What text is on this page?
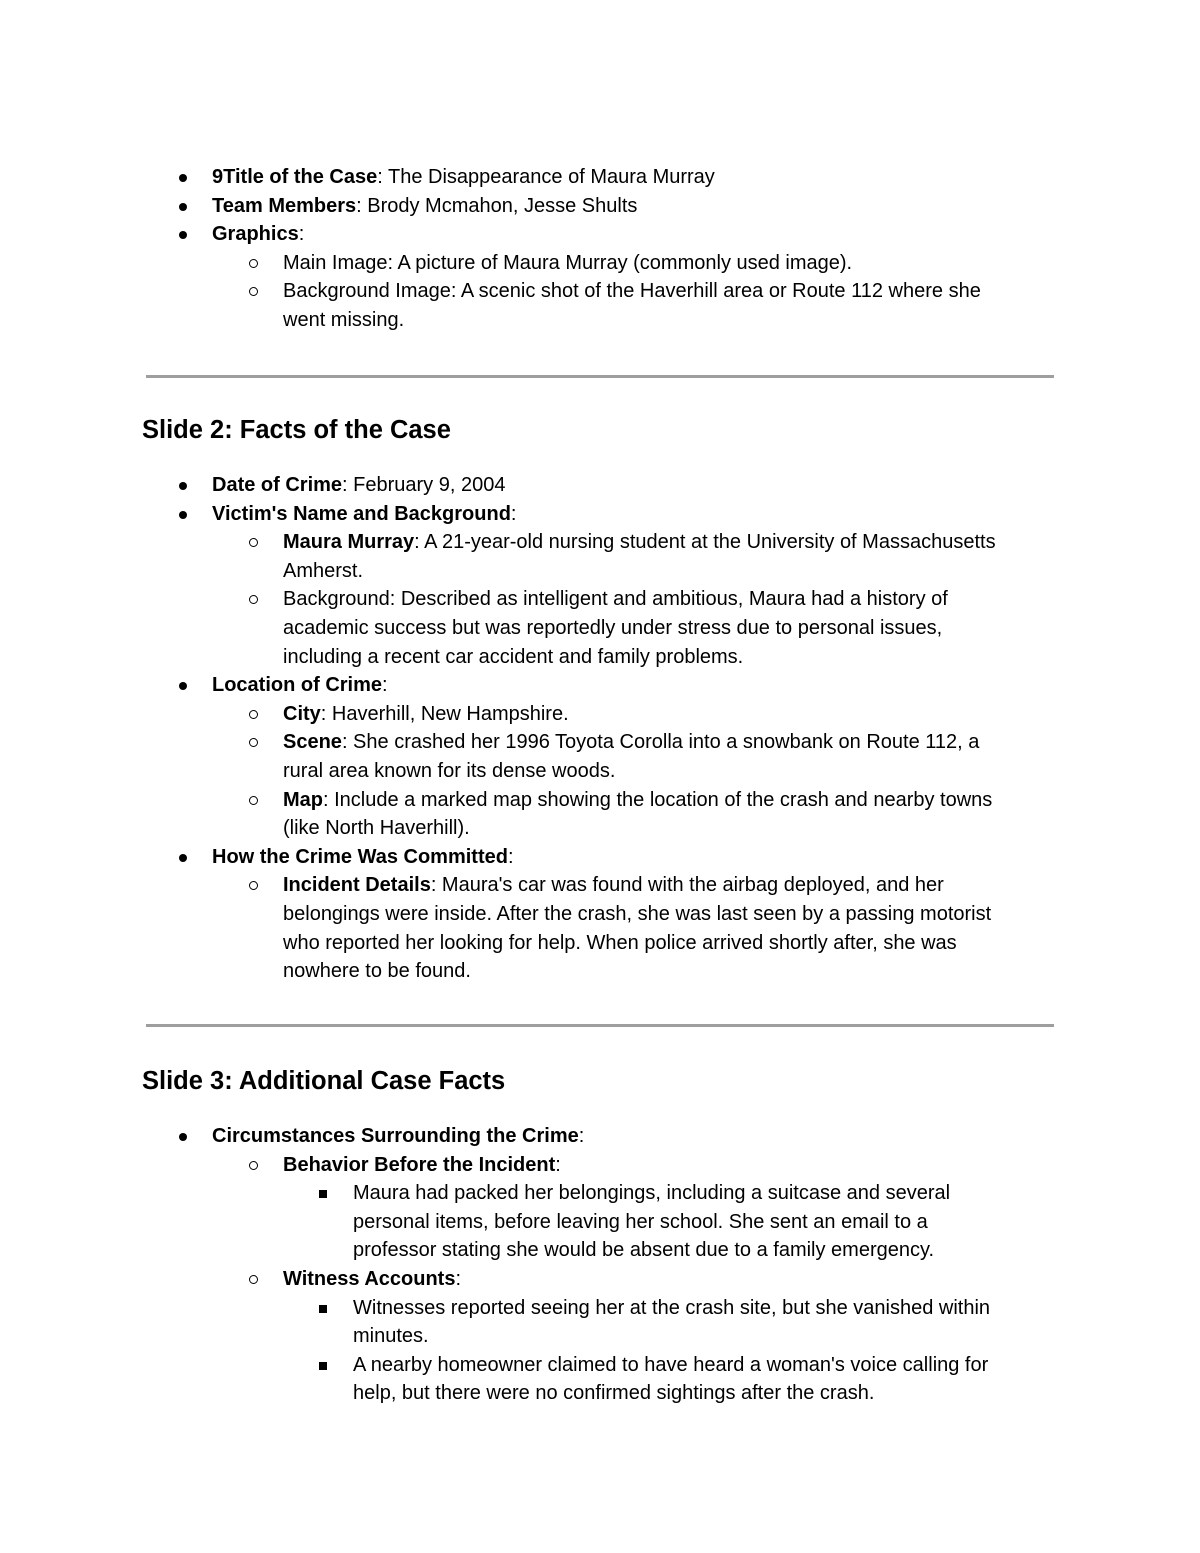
9Title of the Case: The Disappearance of Maura Murray
Team Members: Brody Mcmahon, Jesse Shults
Graphics:
Main Image: A picture of Maura Murray (commonly used image).
Background Image: A scenic shot of the Haverhill area or Route 112 where she
went missing.
Slide 2: Facts of the Case
Date of Crime: February 9, 2004
Victim's Name and Background:
Maura Murray: A 21-year-old nursing student at the University of Massachusetts
Amherst.
Background: Described as intelligent and ambitious, Maura had a history of
academic success but was reportedly under stress due to personal issues,
including a recent car accident and family problems.
Location of Crime:
City: Haverhill, New Hampshire.
Scene: She crashed her 1996 Toyota Corolla into a snowbank on Route 112, a
rural area known for its dense woods.
Map: Include a marked map showing the location of the crash and nearby towns
(like North Haverhill).
How the Crime Was Committed:
Incident Details: Maura's car was found with the airbag deployed, and her
belongings were inside. After the crash, she was last seen by a passing motorist
who reported her looking for help. When police arrived shortly after, she was
nowhere to be found.
Slide 3: Additional Case Facts
Circumstances Surrounding the Crime:
Behavior Before the Incident:
Maura had packed her belongings, including a suitcase and several
personal items, before leaving her school. She sent an email to a
professor stating she would be absent due to a family emergency.
Witness Accounts:
Witnesses reported seeing her at the crash site, but she vanished within
minutes.
A nearby homeowner claimed to have heard a woman's voice calling for
help, but there were no confirmed sightings after the crash.
